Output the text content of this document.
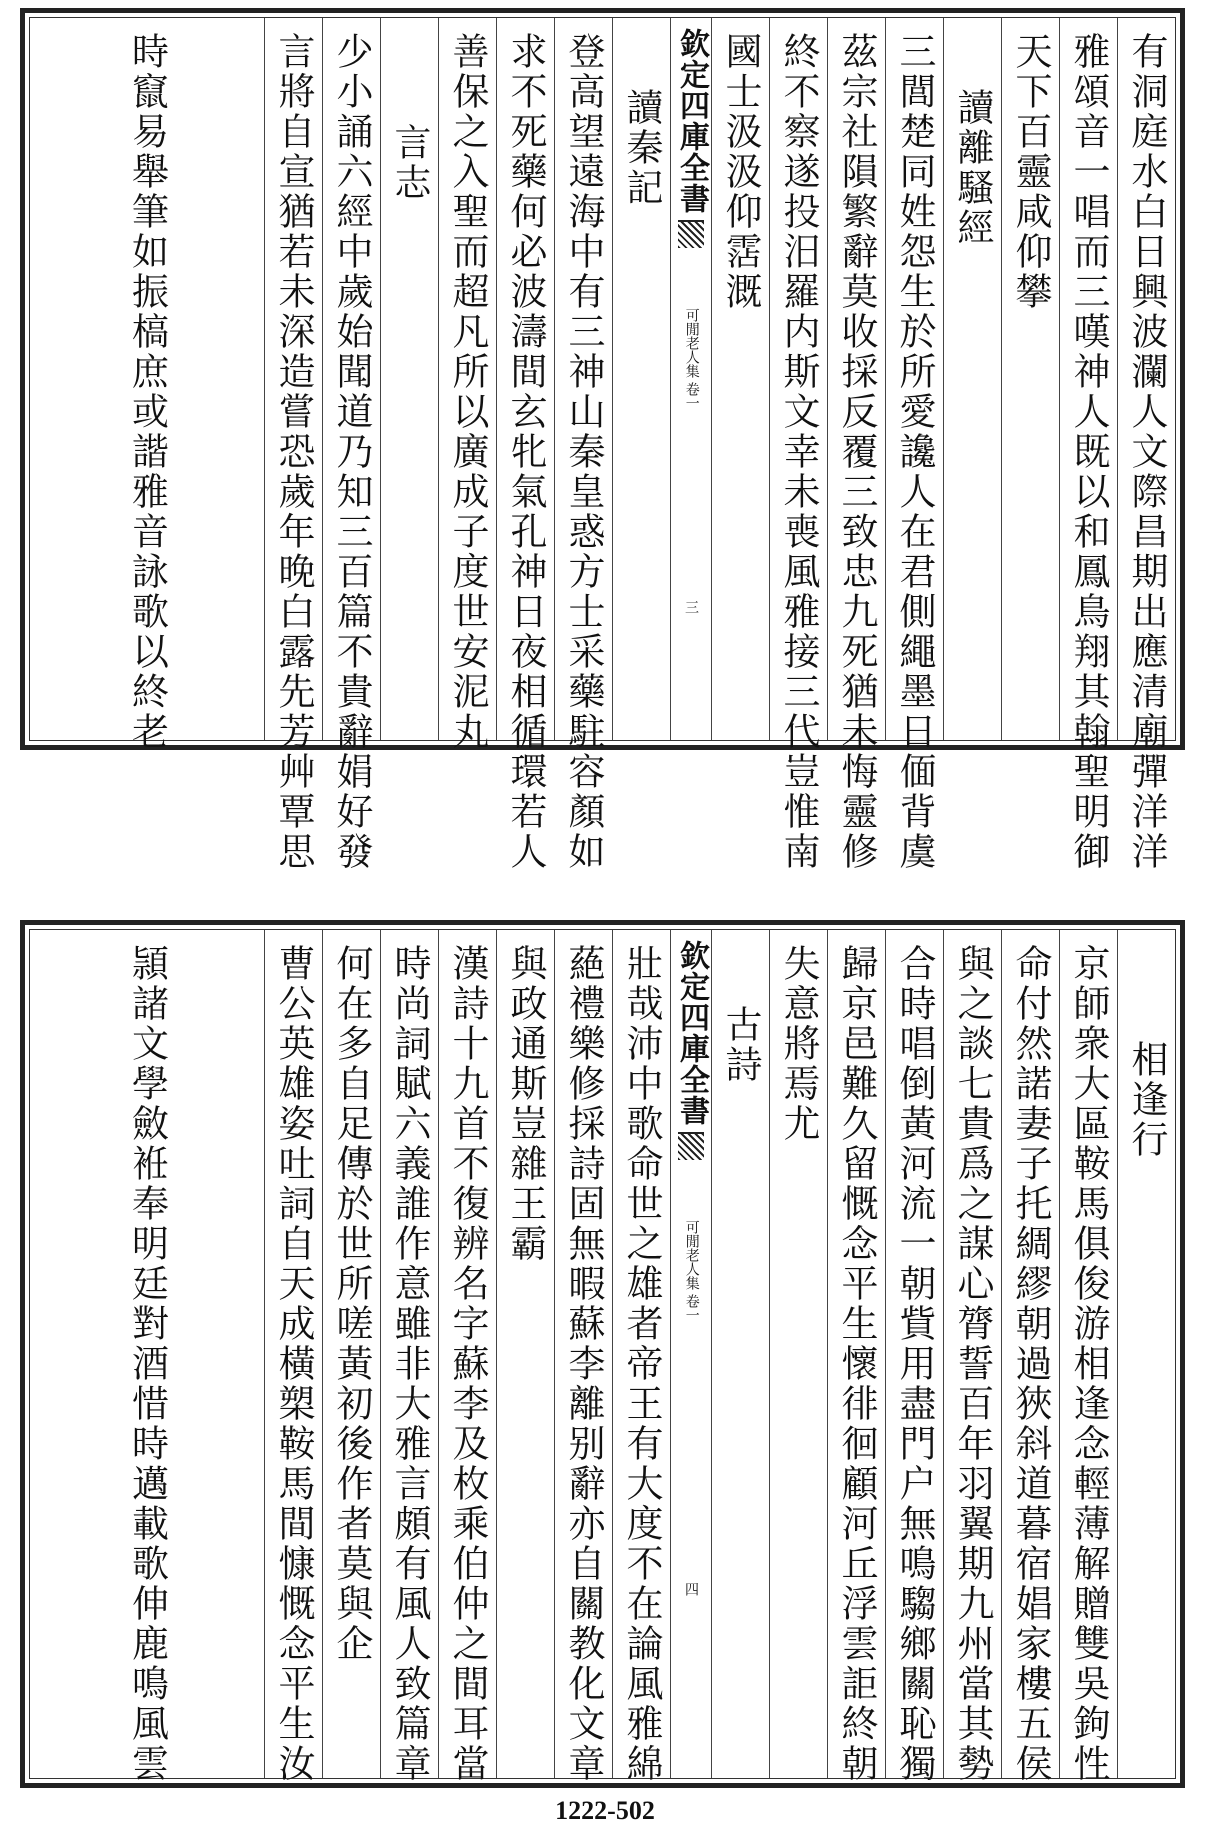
有洞庭水白日興波瀾人文際昌期出應清廟彈洋洋
雅頌音一唱而三嘆神人既以和鳳鳥翔其翰聖明御
天下百靈咸仰攀
讀離騷經
三閭楚同姓怨生於所愛讒人在君側繩墨日偭背虞
茲宗社隕繁辭莫收採反覆三致忠九死猶未悔靈修
終不察遂投汨羅内斯文幸未喪風雅接三代豈惟南
國士汲汲仰霑溉
欽定四庫全書
可閒老人集
卷一
三
讀秦記
登高望遠海中有三神山秦皇惑方士采藥駐容顏如
求不死藥何必波濤間玄牝氣孔神日夜相循環若人
善保之入聖而超凡所以廣成子度世安泥丸
言志
少小誦六經中歲始聞道乃知三百篇不貴辭娟好發
言將自宣猶若未深造嘗恐歲年晚白露先芳艸覃思
時竄易舉筆如振槁庶或諧雅音詠歌以終老
相逢行
京師衆大區鞍馬俱俊游相逢念輕薄解贈雙吳鉤性
命付然諾妻子托綢繆朝過狹斜道暮宿娼家樓五侯
與之談七貴爲之謀心膂誓百年羽翼期九州當其勢
合時唱倒黃河流一朝貲用盡門户無鳴騶鄉關恥獨
歸京邑難久留慨念平生懷徘徊顧河丘浮雲詎終朝
失意將焉尤
古詩
欽定四庫全書
可閒老人集
卷一
四
壯哉沛中歌命世之雄者帝王有大度不在論風雅綿
蕝禮樂修採詩固無暇蘇李離别辭亦自關教化文章
與政通斯豈雜王霸
漢詩十九首不復辨名字蘇李及枚乘伯仲之間耳當
時尚詞賦六義誰作意雖非大雅言頗有風人致篇章
何在多自足傳於世所嗟黃初後作者莫與企
曹公英雄姿吐詞自天成橫槊鞍馬間慷慨念平生汝
頴諸文學斂袵奉明廷對酒惜時邁載歌伸鹿鳴風雲
1222-502
